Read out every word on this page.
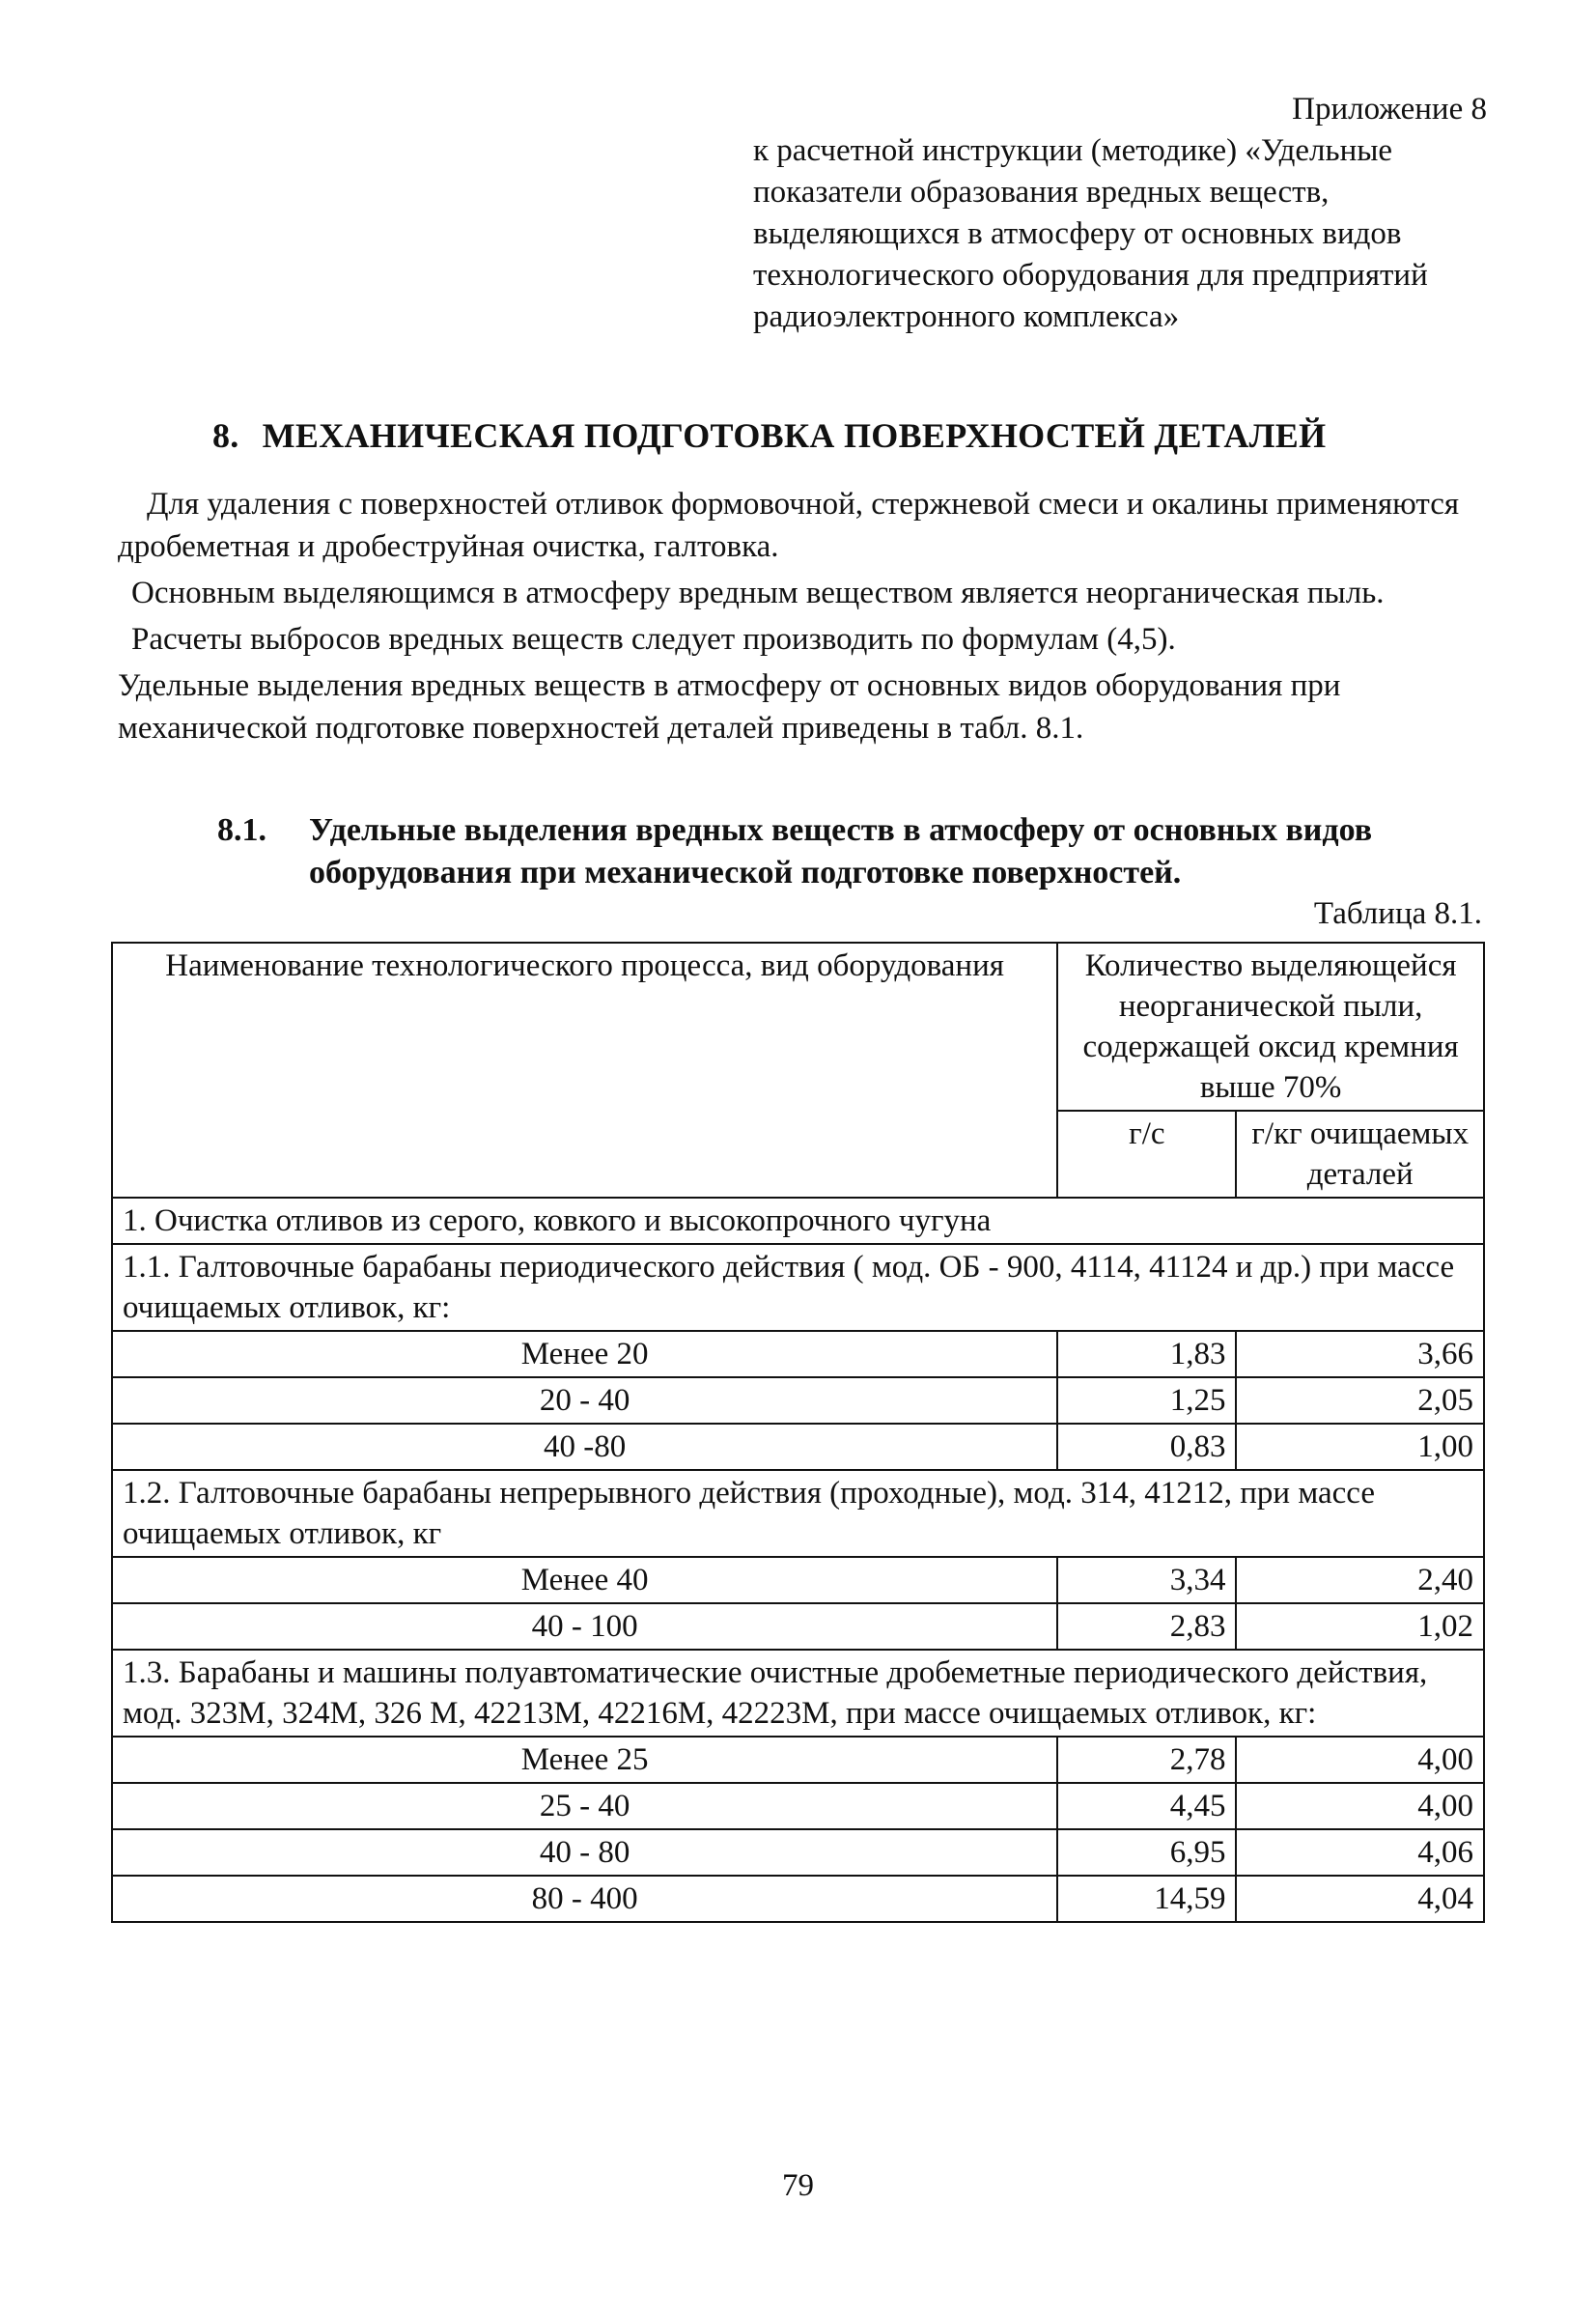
Приложение 8
к расчетной инструкции (методике) «Удельные показатели образования вредных веществ, выделяющихся в атмосферу от основных видов технологического оборудования для предприятий радиоэлектронного комплекса»
8. МЕХАНИЧЕСКАЯ ПОДГОТОВКА ПОВЕРХНОСТЕЙ ДЕТАЛЕЙ

Для удаления с поверхностей отливок формовочной, стержневой смеси и окалины применяются дробеметная и дробеструйная очистка, галтовка.

Основным выделяющимся в атмосферу вредным веществом является неорганическая пыль.

Расчеты выбросов вредных веществ следует производить по формулам (4,5).

Удельные выделения вредных веществ в атмосферу от основных видов оборудования при механической подготовке поверхностей деталей приведены в табл. 8.1.

8.1. Удельные выделения вредных веществ в атмосферу от основных видов оборудования при механической подготовке поверхностей.
Таблица 8.1.
Наименование технологического процесса, вид оборудования	Количество выделяющейся неорганической пыли, содержащей оксид кремния выше 70%	
	г/с	г/кг очищаемых деталей
1. Очистка отливов из серого, ковкого и высокопрочного чугуна		
1.1. Галтовочные барабаны периодического действия ( мод. ОБ - 900, 4114, 41124 и др.) при массе очищаемых отливок, кг:		
Менее 20	1,83	3,66
20 - 40	1,25	2,05
40 -80	0,83	1,00
1.2. Галтовочные барабаны непрерывного действия (проходные), мод. 314, 41212, при массе очищаемых отливок, кг		
Менее 40	3,34	2,40
40 - 100	2,83	1,02
1.3. Барабаны и машины полуавтоматические очистные дробеметные периодического действия, мод. 323М, 324М, 326 М, 42213М, 42216М, 42223М, при массе очищаемых отливок, кг:		
Менее 25	2,78	4,00
25 - 40	4,45	4,00
40 - 80	6,95	4,06
80 - 400	14,59	4,04
79
